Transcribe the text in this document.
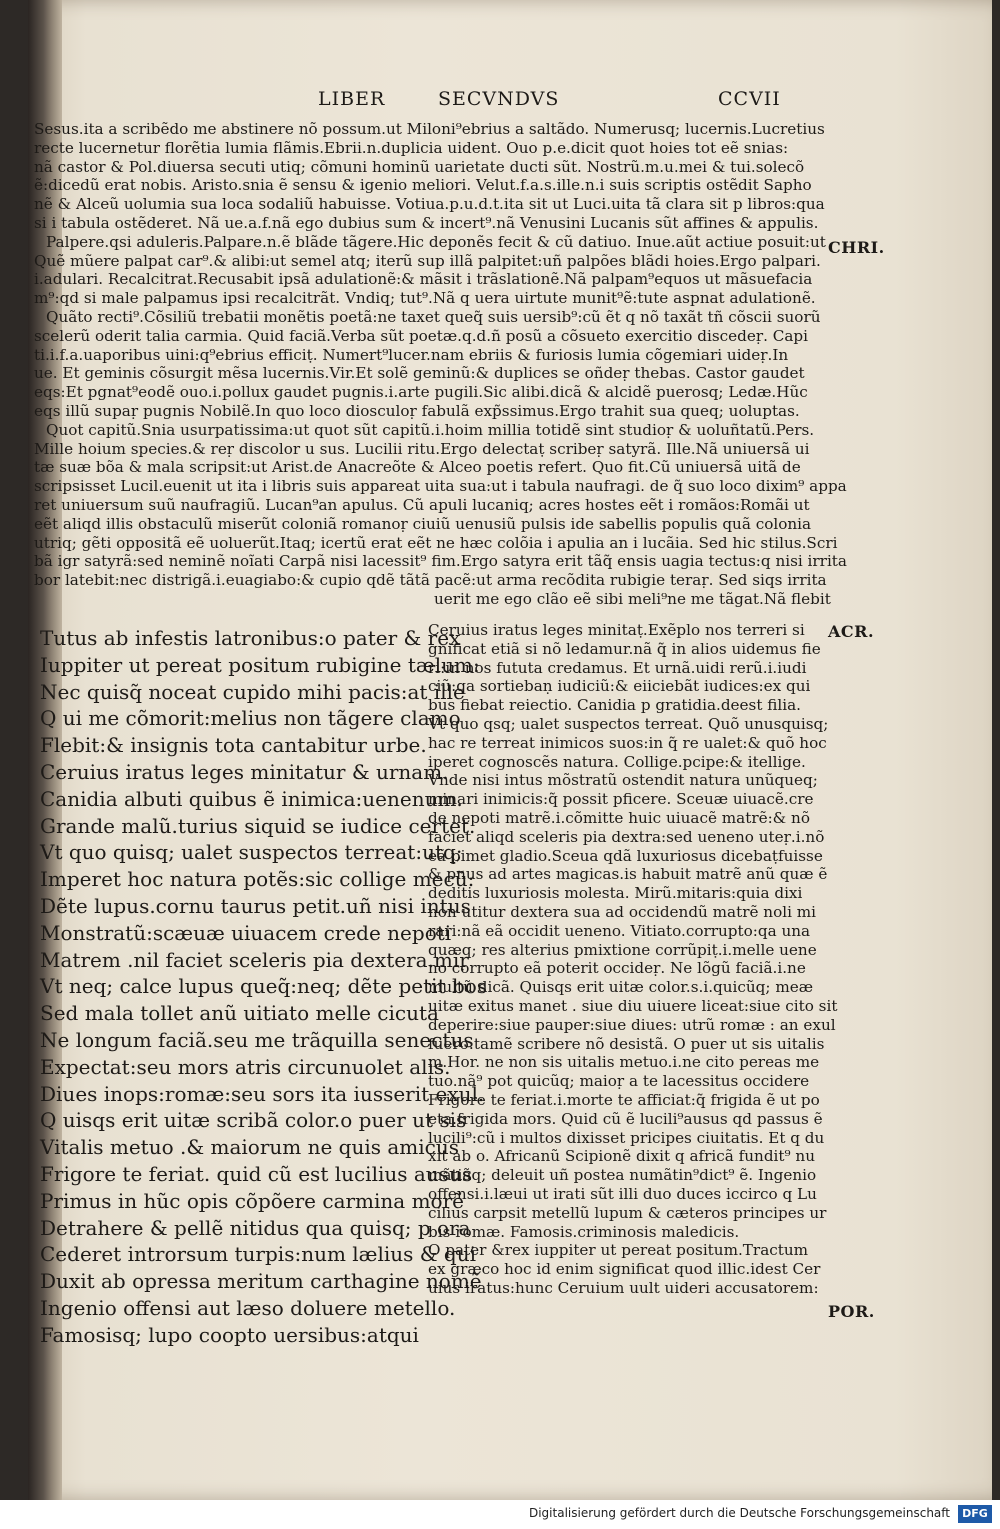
LIBER	SECVNDVS	CCVII
Sesus.ita a scribẽdo me abstinere nõ possum.ut Miloni⁹ebrius a saltãdo. Numerusq; lucernis.Lucretius
recte lucernetur florẽtia lumia flãmis.Ebrii.n.duplicia uident. Ouo p.e.dicit quot hoies tot eẽ snias:
nã castor & Pol.diuersa secuti utiq; cõmuni hominũ uarietate ducti sũt. Nostrũ.m.u.mei & tui.solecõ
ẽ:dicedũ erat nobis. Aristo.snia ẽ sensu & igenio meliori. Velut.f.a.s.ille.n.i suis scriptis ostẽdit Sapho
nẽ & Alceũ uolumia sua loca sodaliũ habuisse. Votiua.p.u.d.t.ita sit ut Luci.uita tã clara sit p libros:qua
si i tabula ostẽderet. Nã ue.a.f.nã ego dubius sum & incert⁹.nã Venusini Lucanis sũt affines & appulis.
Palpere.qsi aduleris.Palpare.n.ẽ blãde tãgere.Hic deponẽs fecit & cũ datiuo. Inue.aũt actiue posuit:ut
Quẽ mũere palpat car⁹.& alibi:ut semel atq; iterũ sup illã palpitet:uñ palpões blãdi hoies.Ergo palpari.
i.adulari. Recalcitrat.Recusabit ipsã adulationẽ:& mãsit i trãslationẽ.Nã palpam⁹equos ut mãsuefacia
m⁹:qd si male palpamus ipsi recalcitrãt. Vndiq; tut⁹.Nã q uera uirtute munit⁹ẽ:tute aspnat adulationẽ.
Quãto recti⁹.Cõsiliũ trebatii monẽtis poetã:ne taxet queq̃ suis uersib⁹:cũ ẽt q nõ taxãt tñ cõscii suorũ
scelerũ oderit talia carmia. Quid faciã.Verba sũt poetæ.q.d.ñ posũ a cõsueto exercitio discedeṛ. Capi
ti.i.f.a.uaporibus uini:q⁹ebrius efficiṭ. Numert⁹lucer.nam ebriis & furiosis lumia cõgemiari uideṛ.In
ue. Et geminis cõsurgit mẽsa lucernis.Vir.Et solẽ geminũ:& duplices se oñdeṛ thebas. Castor gaudet
eqs:Et pgnat⁹eodẽ ouo.i.pollux gaudet pugnis.i.arte pugili.Sic alibi.dicã & alcidẽ puerosq; Ledæ.Hũc
eqs illũ supaṛ pugnis Nobilẽ.In quo loco diosculoṛ fabulã exp̃ssimus.Ergo trahit sua queq; uoluptas.
Quot capitũ.Snia usurpatissima:ut quot sũt capitũ.i.hoim millia totidẽ sint studioṛ & uoluñtatũ.Pers.
Mille hoium species.& reṛ discolor u sus. Lucilii ritu.Ergo delectaṭ scribeṛ satyrã. Ille.Nã uniuersã ui
tæ suæ bõa & mala scripsit:ut Arist.de Anacreõte & Alceo poetis refert. Quo fit.Cũ uniuersã uitã de
scripsisset Lucil.euenit ut ita i libris suis appareat uita sua:ut i tabula naufragi. de q̃ suo loco dixim⁹ appa
ret uniuersum suũ naufragiũ. Lucan⁹an apulus. Cũ apuli lucaniq; acres hostes eẽt i romãos:Romãi ut
eẽt aliqd illis obstaculũ miserũt coloniã romanoṛ ciuiũ uenusiũ pulsis ide sabellis populis quã colonia
utriq; gẽti oppositã eẽ uoluerũt.Itaq; icertũ erat eẽt ne hæc colõia i apulia an i lucãia. Sed hic stilus.Scri
bã igr satyrã:sed neminẽ noĩati Carpã nisi lacessit⁹ fim.Ergo satyra erit tãq̃ ensis uagia tectus:q nisi irrita
bor latebit:nec distrigã.i.euagiabo:& cupio qdẽ tãtã pacẽ:ut arma recõdita rubigie teraṛ. Sed siqs irrita
uerit me ego clão eẽ sibi meli⁹ne me tãgat.Nã flebit
Tutus ab infestis latronibus:o pater & rex
Iuppiter ut pereat positum rubigine tælum:
Nec quisq̃ noceat cupido mihi pacis:at ille
Q ui me cõmorit:melius non tãgere clamo
Flebit:& insignis tota cantabitur urbe.
Ceruius iratus leges minitatur & urnam.
Canidia albuti quibus ẽ inimica:uenenum.
Grande malũ.turius siquid se iudice certet.
Vt quo quisq; ualet suspectos terreat:utq;
Imperet hoc natura potẽs:sic collige mecũ:
Dẽte lupus.cornu taurus petit.uñ nisi intus
Monstratũ:scæuæ uiuacem crede nepoti
Matrem .nil faciet sceleris pia dextera.miṛ
Vt neq; calce lupus queq̃:neq; dẽte petit bos
Sed mala tollet anũ uitiato melle cicuta
Ne longum faciã.seu me trãquilla senectus
Expectat:seu mors atris circunuolet alis.
Diues inops:romæ:seu sors ita iusserit exul.
Q uisqs erit uitæ scribã color.o puer ut sis
Vitalis metuo .& maiorum ne quis amicus
Frigore te feriat. quid cũ est lucilius ausus
Primus in hũc opis cõpõere carmina morẽ
Detrahere & pellẽ nitidus qua quisq; p ora
Cederet introrsum turpis:num lælius & qui
Duxit ab opressa meritum carthagine nomẽ
Ingenio offensi aut læso doluere metello.
Famosisq; lupo coopto uersibus:atqui
Ceruius iratus leges minitaṭ.Exẽplo nos terreri si
gnificat etiã si nõ ledamur.nã q̃ in alios uidemus fie
ri:in nos fututa credamus. Et urnã.uidi rerũ.i.iudi
ciũ:qa sortiebaṇ iudiciũ:& eiiciebãt iudices:ex qui
bus fiebat reiectio. Canidia p gratidia.deest filia.
Vt quo qsq; ualet suspectos terreat. Quõ unusquisq;
hac re terreat inimicos suos:in q̃ re ualet:& quõ hoc
iperet cognoscẽs natura. Collige.pcipe:& itellige.
Vnde nisi intus mõstratũ ostendit natura unũqueq;
minari inimicis:q̃ possit pficere. Sceuæ uiuacẽ.cre
de nepoti matrẽ.i.cõmitte huic uiuacẽ matrẽ:& nõ
faciet aliqd sceleris pia dextra:sed ueneno uteṛ.i.nõ
eã pimet gladio.Sceua qdã luxuriosus dicebaṭfuisse
& pnus ad artes magicas.is habuit matrẽ anũ quæ ẽ
deditis luxuriosis molesta. Mirũ.mitaris:quia dixi
non utitur dextera sua ad occidendũ matrẽ noli mi
rari:nã eã occidit ueneno. Vitiato.corrupto:qa una
quæq; res alterius pmixtione corrũpiṭ.i.melle uene
no corrupto eã poterit occideṛ. Ne lõgũ faciã.i.ne
multũ dicã. Quisqs erit uitæ color.s.i.quicũq; meæ
uitæ exitus manet . siue diu uiuere liceat:siue cito sit
deperire:siue pauper:siue diues: utrũ romæ : an exul
fuero:tamẽ scribere nõ desistã. O puer ut sis uitalis
m.Hor. ne non sis uitalis metuo.i.ne cito pereas me
tuo.nã⁹ pot quicũq; maioṛ a te lacessitus occidere
Frigore te feriat.i.morte te afficiat:q̃ frigida ẽ ut po
eta.frigida mors. Quid cũ ẽ lucili⁹ausus qd passus ẽ
lucili⁹:cũ i multos dixisset pricipes ciuitatis. Et q du
xit ab o. Africanũ Scipionẽ dixit q africã fundit⁹ nu
mãtiãq; deleuit uñ postea numãtin⁹dict⁹ ẽ. Ingenio
offensi.i.læui ut irati sũt illi duo duces iccirco q Lu
cilius carpsit metellũ lupum & cæteros principes ur
bis romæ. Famosis.criminosis maledicis.
O pater &rex iuppiter ut pereat positum.Tractum
ex græco hoc id enim significat quod illic.idest Cer
uius iratus:hunc Ceruium uult uideri accusatorem:
CHRI.
ACR.
POR.
Digitalisierung gefördert durch die Deutsche Forschungsgemeinschaft	DFG
